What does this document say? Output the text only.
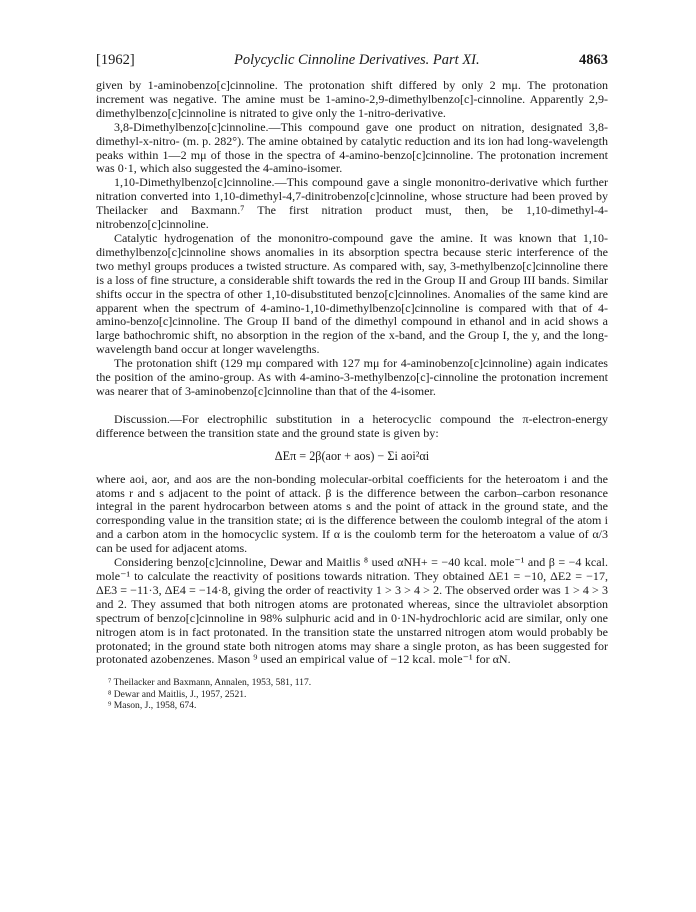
[1962]	Polycyclic Cinnoline Derivatives. Part XI.	4863

given by 1-aminobenzo[c]cinnoline. The protonation shift differed by only 2 mμ. The protonation increment was negative. The amine must be 1-amino-2,9-dimethylbenzo[c]-cinnoline. Apparently 2,9-dimethylbenzo[c]cinnoline is nitrated to give only the 1-nitro-derivative.

3,8-Dimethylbenzo[c]cinnoline.—This compound gave one product on nitration, designated 3,8-dimethyl-x-nitro- (m. p. 282°). The amine obtained by catalytic reduction and its ion had long-wavelength peaks within 1—2 mμ of those in the spectra of 4-amino-benzo[c]cinnoline. The protonation increment was 0·1, which also suggested the 4-amino-isomer.

1,10-Dimethylbenzo[c]cinnoline.—This compound gave a single mononitro-derivative which further nitration converted into 1,10-dimethyl-4,7-dinitrobenzo[c]cinnoline, whose structure had been proved by Theilacker and Baxmann.⁷ The first nitration product must, then, be 1,10-dimethyl-4-nitrobenzo[c]cinnoline.

Catalytic hydrogenation of the mononitro-compound gave the amine. It was known that 1,10-dimethylbenzo[c]cinnoline shows anomalies in its absorption spectra because steric interference of the two methyl groups produces a twisted structure. As compared with, say, 3-methylbenzo[c]cinnoline there is a loss of fine structure, a considerable shift towards the red in the Group II and Group III bands. Similar shifts occur in the spectra of other 1,10-disubstituted benzo[c]cinnolines. Anomalies of the same kind are apparent when the spectrum of 4-amino-1,10-dimethylbenzo[c]cinnoline is compared with that of 4-amino-benzo[c]cinnoline. The Group II band of the dimethyl compound in ethanol and in acid shows a large bathochromic shift, no absorption in the region of the x-band, and the Group I, the y, and the long-wavelength band occur at longer wavelengths.

The protonation shift (129 mμ compared with 127 mμ for 4-aminobenzo[c]cinnoline) again indicates the position of the amino-group. As with 4-amino-3-methylbenzo[c]-cinnoline the protonation increment was nearer that of 3-aminobenzo[c]cinnoline than that of the 4-isomer.

Discussion.—For electrophilic substitution in a heterocyclic compound the π-electron-energy difference between the transition state and the ground state is given by:

ΔEπ = 2β(aor + aos) − Σi aoi²αi

where aoi, aor, and aos are the non-bonding molecular-orbital coefficients for the heteroatom i and the atoms r and s adjacent to the point of attack. β is the difference between the carbon–carbon resonance integral in the parent hydrocarbon between atoms s and the point of attack in the ground state, and the corresponding value in the transition state; αi is the difference between the coulomb integral of the atom i and a carbon atom in the homocyclic system. If α is the coulomb term for the heteroatom a value of α/3 can be used for adjacent atoms.

Considering benzo[c]cinnoline, Dewar and Maitlis ⁸ used αNH+ = −40 kcal. mole⁻¹ and β = −4 kcal. mole⁻¹ to calculate the reactivity of positions towards nitration. They obtained ΔE1 = −10, ΔE2 = −17, ΔE3 = −11·3, ΔE4 = −14·8, giving the order of reactivity 1 > 3 > 4 > 2. The observed order was 1 > 4 > 3 and 2. They assumed that both nitrogen atoms are protonated whereas, since the ultraviolet absorption spectrum of benzo[c]cinnoline in 98% sulphuric acid and in 0·1N-hydrochloric acid are similar, only one nitrogen atom is in fact protonated. In the transition state the unstarred nitrogen atom would probably be protonated; in the ground state both nitrogen atoms may share a single proton, as has been suggested for protonated azobenzenes. Mason ⁹ used an empirical value of −12 kcal. mole⁻¹ for αN.

⁷ Theilacker and Baxmann, Annalen, 1953, 581, 117.
⁸ Dewar and Maitlis, J., 1957, 2521.
⁹ Mason, J., 1958, 674.
